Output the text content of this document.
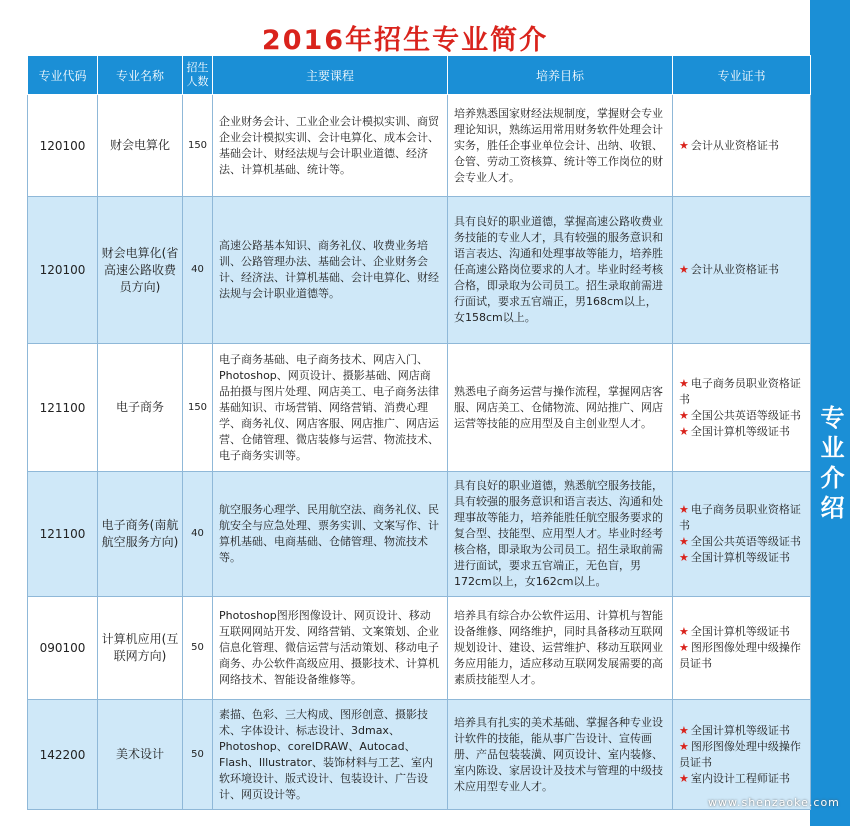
2016年招生专业简介
专业介绍
专业代码	专业名称	招生人数	主要课程	培养目标	专业证书
120100	财会电算化	150	企业财务会计、工业企业会计模拟实训、商贸企业会计模拟实训、会计电算化、成本会计、基础会计、财经法规与会计职业道德、经济法、计算机基础、统计等。	培养熟悉国家财经法规制度，掌握财会专业理论知识，熟练运用常用财务软件处理会计实务，胜任企事业单位会计、出纳、收银、仓管、劳动工资核算、统计等工作岗位的财会专业人才。	★ 会计从业资格证书

120100	财会电算化(省高速公路收费员方向)	40	高速公路基本知识、商务礼仪、收费业务培训、公路管理办法、基础会计、企业财务会计、经济法、计算机基础、会计电算化、财经法规与会计职业道德等。	具有良好的职业道德，掌握高速公路收费业务技能的专业人才，具有较强的服务意识和语言表达、沟通和处理事故等能力，培养胜任高速公路岗位要求的人才。毕业时经考核合格，即录取为公司员工。招生录取前需进行面试，要求五官端正，男168cm以上，女158cm以上。	★ 会计从业资格证书

121100	电子商务	150	电子商务基础、电子商务技术、网店入门、Photoshop、网页设计、摄影基础、网店商品拍摄与图片处理、网店美工、电子商务法律基础知识、市场营销、网络营销、消费心理学、商务礼仪、网店客服、网店推广、网店运营、仓储管理、微店装修与运营、物流技术、电子商务实训等。	熟悉电子商务运营与操作流程，掌握网店客服、网店美工、仓储物流、网站推广、网店运营等技能的应用型及自主创业型人才。	★ 电子商务员职业资格证书
★ 全国公共英语等级证书
★ 全国计算机等级证书

121100	电子商务(南航航空服务方向)	40	航空服务心理学、民用航空法、商务礼仪、民航安全与应急处理、票务实训、文案写作、计算机基础、电商基础、仓储管理、物流技术等。	具有良好的职业道德，熟悉航空服务技能，具有较强的服务意识和语言表达、沟通和处理事故等能力，培养能胜任航空服务要求的复合型、技能型、应用型人才。毕业时经考核合格，即录取为公司员工。招生录取前需进行面试，要求五官端正，无色盲，男172cm以上，女162cm以上。	★ 电子商务员职业资格证书
★ 全国公共英语等级证书
★ 全国计算机等级证书

090100	计算机应用(互联网方向)	50	Photoshop图形图像设计、网页设计、移动互联网网站开发、网络营销、文案策划、企业信息化管理、微信运营与活动策划、移动电子商务、办公软件高级应用、摄影技术、计算机网络技术、智能设备维修等。	培养具有综合办公软件运用、计算机与智能设备维修、网络维护，同时具备移动互联网规划设计、建设、运营维护、移动互联网业务应用能力，适应移动互联网发展需要的高素质技能型人才。	★ 全国计算机等级证书
★ 图形图像处理中级操作员证书

142200	美术设计	50	素描、色彩、三大构成、图形创意、摄影技术、字体设计、标志设计、3dmax、Photoshop、coreIDRAW、Autocad、Flash、Illustrator、装饰材料与工艺、室内软环境设计、版式设计、包装设计、广告设计、网页设计等。	培养具有扎实的美术基础、掌握各种专业设计软件的技能，能从事广告设计、宣传画册、产品包装装潢、网页设计、室内装修、室内陈设、家居设计及技术与管理的中级技术应用型专业人才。	★ 全国计算机等级证书
★ 图形图像处理中级操作员证书
★ 室内设计工程师证书
www.shenzaoke.com
